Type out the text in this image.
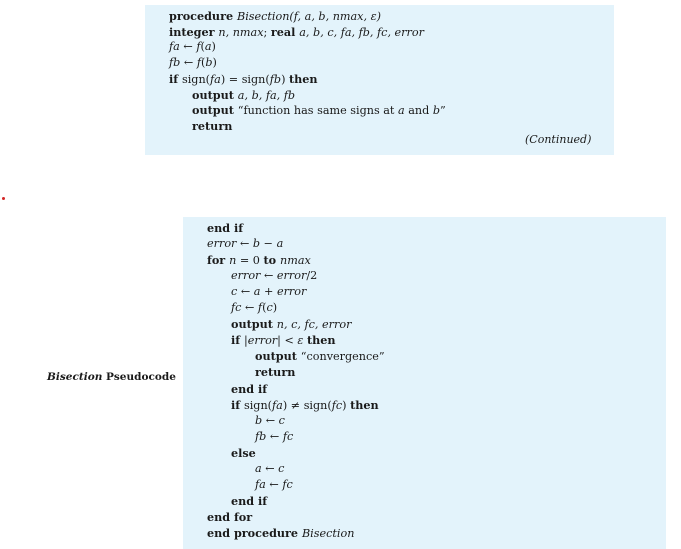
procedure Bisection(f, a, b, nmax, ε)
integer n, nmax; real a, b, c, fa, fb, fc, error
fa ← f(a)
fb ← f(b)
if sign(fa) = sign(fb) then
output a, b, fa, fb
output “function has same signs at a and b”
return
(Continued)
end if
error ← b − a
for n = 0 to nmax
error ← error/2
c ← a + error
fc ← f(c)
output n, c, fc, error
if |error| < ε then
output “convergence”
return
end if
if sign(fa) ≠ sign(fc) then
b ← c
fb ← fc
else
a ← c
fa ← fc
end if
end for
end procedure Bisection
Bisection Pseudocode
